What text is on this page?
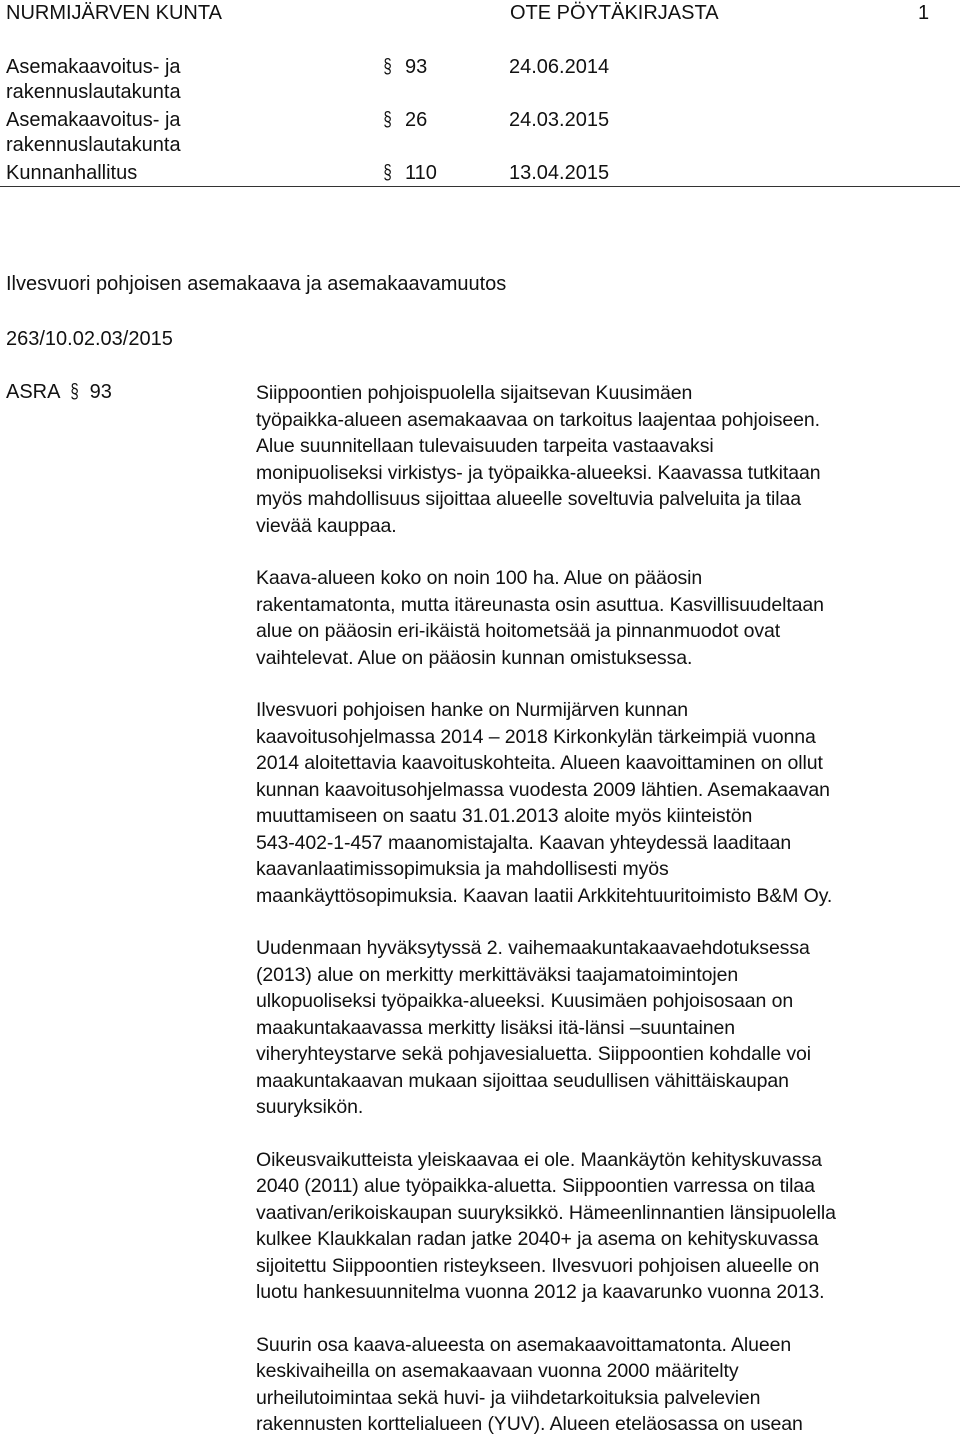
NURMIJÄRVEN KUNTA	OTE PÖYTÄKIRJASTA	1
Asemakaavoitus- ja
rakennuslautakunta
§ 93	24.06.2014
Asemakaavoitus- ja
rakennuslautakunta
§ 26	24.03.2015
Kunnanhallitus	§ 110	13.04.2015
Ilvesvuori pohjoisen asemakaava ja asemakaavamuutos
263/10.02.03/2015
ASRA § 93	Siippoontien pohjoispuolella sijaitsevan Kuusimäen
työpaikka-alueen asemakaavaa on tarkoitus laajentaa pohjoiseen.
Alue suunnitellaan tulevaisuuden tarpeita vastaavaksi
monipuoliseksi virkistys- ja työpaikka-alueeksi. Kaavassa tutkitaan
myös mahdollisuus sijoittaa alueelle soveltuvia palveluita ja tilaa
vievää kauppaa.

Kaava-alueen koko on noin 100 ha. Alue on pääosin
rakentamatonta, mutta itäreunasta osin asuttua. Kasvillisuudeltaan
alue on pääosin eri-ikäistä hoitometsää ja pinnanmuodot ovat
vaihtelevat. Alue on pääosin kunnan omistuksessa.

Ilvesvuori pohjoisen hanke on Nurmijärven kunnan
kaavoitusohjelmassa 2014 – 2018 Kirkonkylän tärkeimpiä vuonna
2014 aloitettavia kaavoituskohteita. Alueen kaavoittaminen on ollut
kunnan kaavoitusohjelmassa vuodesta 2009 lähtien. Asemakaavan
muuttamiseen on saatu 31.01.2013 aloite myös kiinteistön
543-402-1-457 maanomistajalta. Kaavan yhteydessä laaditaan
kaavanlaatimissopimuksia ja mahdollisesti myös
maankäyttösopimuksia. Kaavan laatii Arkkitehtuuritoimisto B&M Oy.

Uudenmaan hyväksytyssä 2. vaihemaakuntakaavaehdotuksessa
(2013) alue on merkitty merkittäväksi taajamatoimintojen
ulkopuoliseksi työpaikka-alueeksi. Kuusimäen pohjoisosaan on
maakuntakaavassa merkitty lisäksi itä-länsi –suuntainen
viheryhteystarve sekä pohjavesialuetta. Siippoontien kohdalle voi
maakuntakaavan mukaan sijoittaa seudullisen vähittäiskaupan
suuryksikön.

Oikeusvaikutteista yleiskaavaa ei ole. Maankäytön kehityskuvassa
2040 (2011) alue työpaikka-aluetta. Siippoontien varressa on tilaa
vaativan/erikoiskaupan suuryksikkö. Hämeenlinnantien länsipuolella
kulkee Klaukkalan radan jatke 2040+ ja asema on kehityskuvassa
sijoitettu Siippoontien risteykseen. Ilvesvuori pohjoisen alueelle on
luotu hankesuunnitelma vuonna 2012 ja kaavarunko vuonna 2013.

Suurin osa kaava-alueesta on asemakaavoittamatonta. Alueen
keskivaiheilla on asemakaavaan vuonna 2000 määritelty
urheilutoimintaa sekä huvi- ja viihdetarkoituksia palvelevien
rakennusten korttelialueen (YUV). Alueen eteläosassa on usean
